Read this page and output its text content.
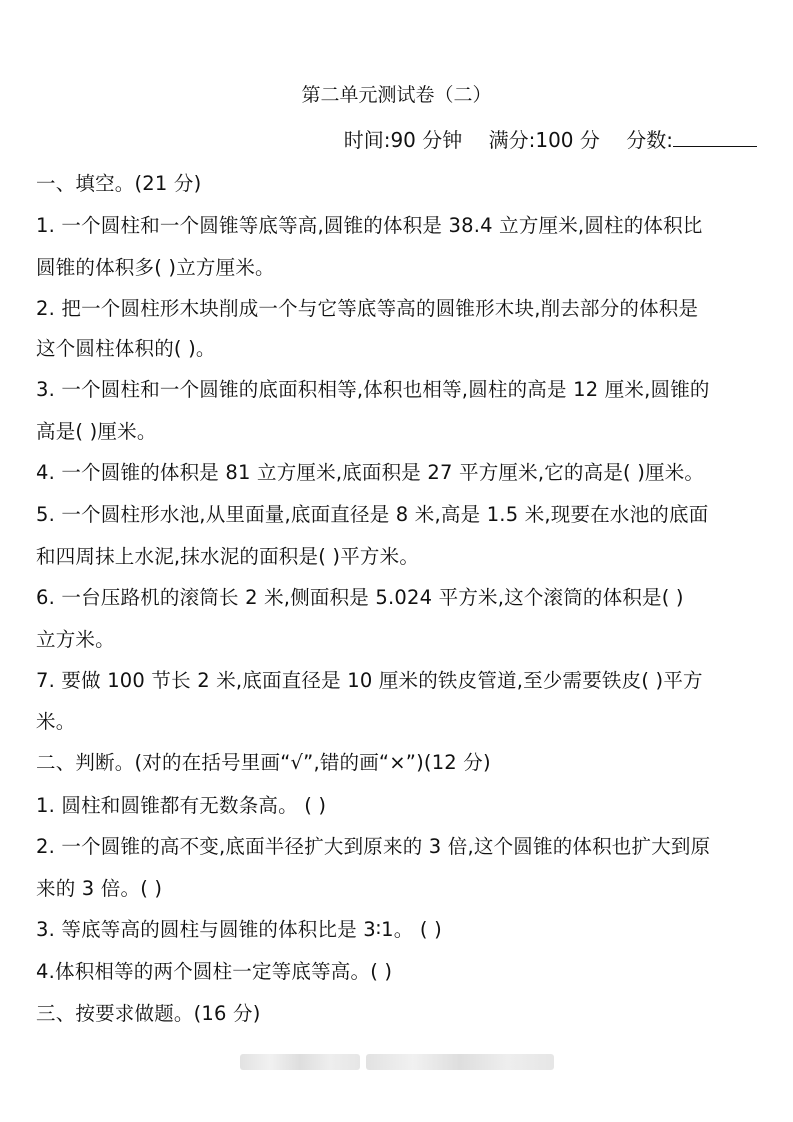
第二单元测试卷（二）
时间:90 分钟 满分:100 分 分数:
一、填空。(21 分)
1. 一个圆柱和一个圆锥等底等高,圆锥的体积是 38.4 立方厘米,圆柱的体积比
圆锥的体积多( )立方厘米。
2. 把一个圆柱形木块削成一个与它等底等高的圆锥形木块,削去部分的体积是
这个圆柱体积的( )。
3. 一个圆柱和一个圆锥的底面积相等,体积也相等,圆柱的高是 12 厘米,圆锥的
高是( )厘米。
4. 一个圆锥的体积是 81 立方厘米,底面积是 27 平方厘米,它的高是( )厘米。
5. 一个圆柱形水池,从里面量,底面直径是 8 米,高是 1.5 米,现要在水池的底面
和四周抹上水泥,抹水泥的面积是( )平方米。
6. 一台压路机的滚筒长 2 米,侧面积是 5.024 平方米,这个滚筒的体积是( )
立方米。
7. 要做 100 节长 2 米,底面直径是 10 厘米的铁皮管道,至少需要铁皮( )平方
米。
二、判断。(对的在括号里画“√”,错的画“×”)(12 分)
1. 圆柱和圆锥都有无数条高。 ( )
2. 一个圆锥的高不变,底面半径扩大到原来的 3 倍,这个圆锥的体积也扩大到原
来的 3 倍。( )
3. 等底等高的圆柱与圆锥的体积比是 3∶1。 ( )
4.体积相等的两个圆柱一定等底等高。( )
三、按要求做题。(16 分)
